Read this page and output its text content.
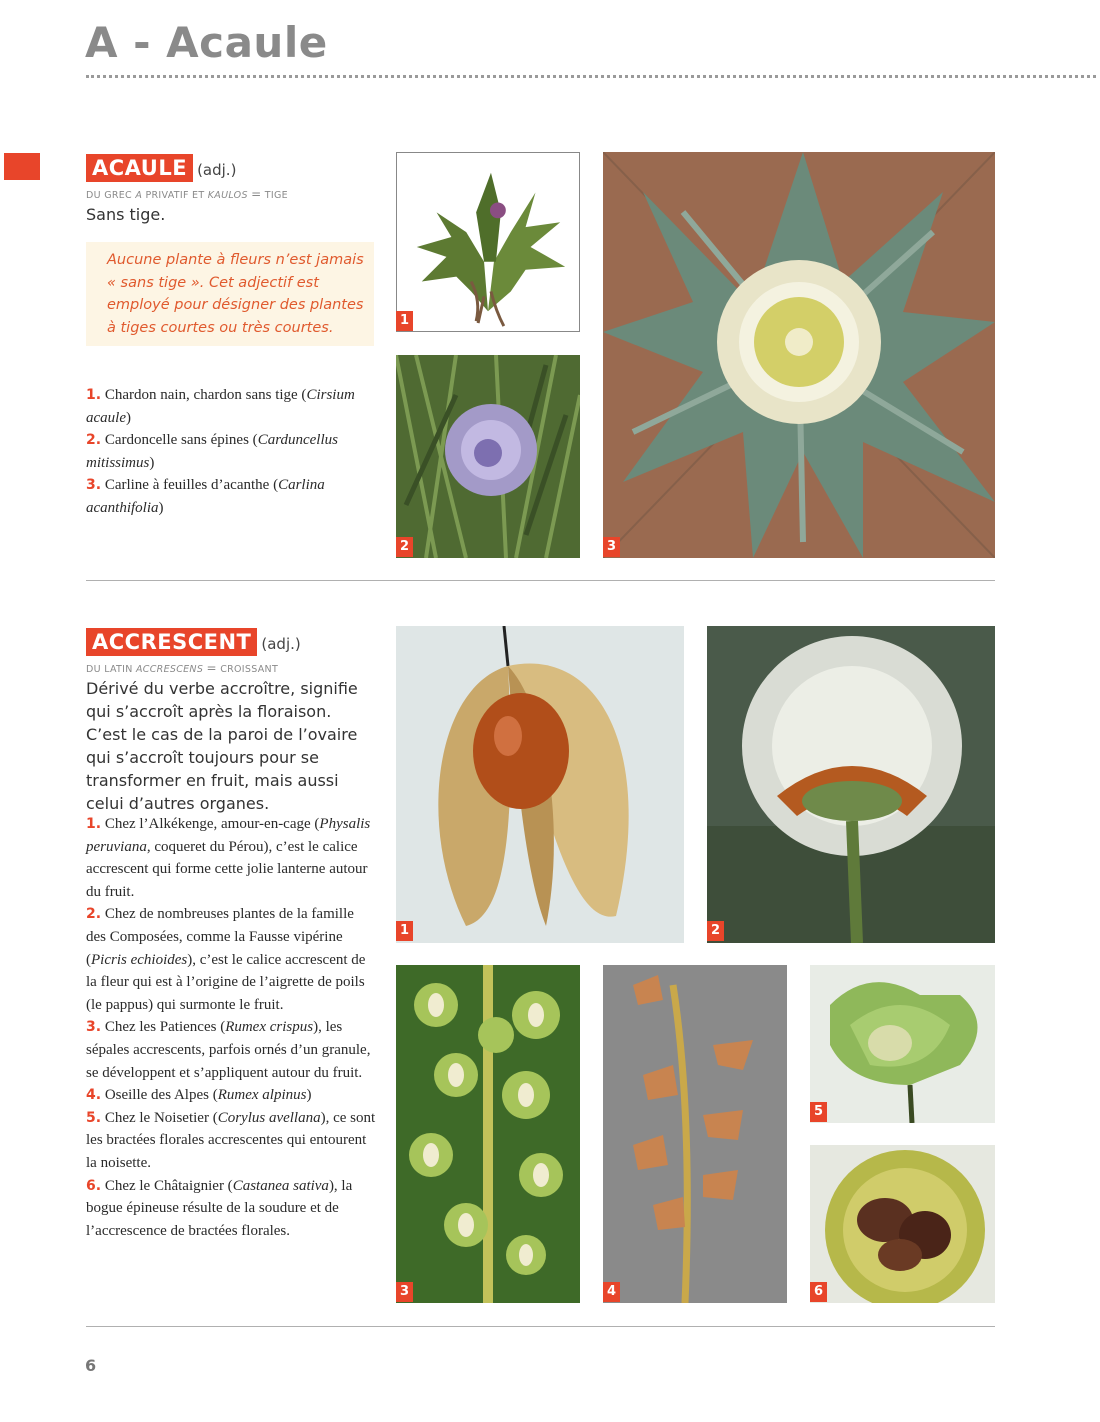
A - Acaule
ACAULE (adj.)
DU GREC A PRIVATIF ET KAULOS = TIGE
Sans tige.
Aucune plante à fleurs n’est jamais « sans tige ». Cet adjectif est employé pour désigner des plantes à tiges courtes ou très courtes.

1. Chardon nain, chardon sans tige (Cirsium acaule)

2. Cardoncelle sans épines (Carduncellus mitissimus)

3. Carline à feuilles d’acanthe (Carlina acanthifolia)

1
2	3
ACCRESCENT (adj.)
DU LATIN ACCRESCENS = CROISSANT
Dérivé du verbe accroître, signifie qui s’accroît après la floraison. C’est le cas de la paroi de l’ovaire qui s’accroît toujours pour se transformer en fruit, mais aussi celui d’autres organes.

1. Chez l’Alkékenge, amour-en-cage (Physalis peruviana, coqueret du Pérou), c’est le calice accrescent qui forme cette jolie lanterne autour du fruit.

2. Chez de nombreuses plantes de la famille des Composées, comme la Fausse vipérine (Picris echioides), c’est le calice accrescent de la fleur qui est à l’origine de l’aigrette de poils (le pappus) qui surmonte le fruit.

3. Chez les Patiences (Rumex crispus), les sépales accrescents, parfois ornés d’un granule, se développent et s’appliquent autour du fruit.

4. Oseille des Alpes (Rumex alpinus)

5. Chez le Noisetier (Corylus avellana), ce sont les bractées florales accrescentes qui entourent la noisette.

6. Chez le Châtaignier (Castanea sativa), la bogue épineuse résulte de la soudure et de l’accrescence de bractées florales.

1	2
3	4
5
6
6
